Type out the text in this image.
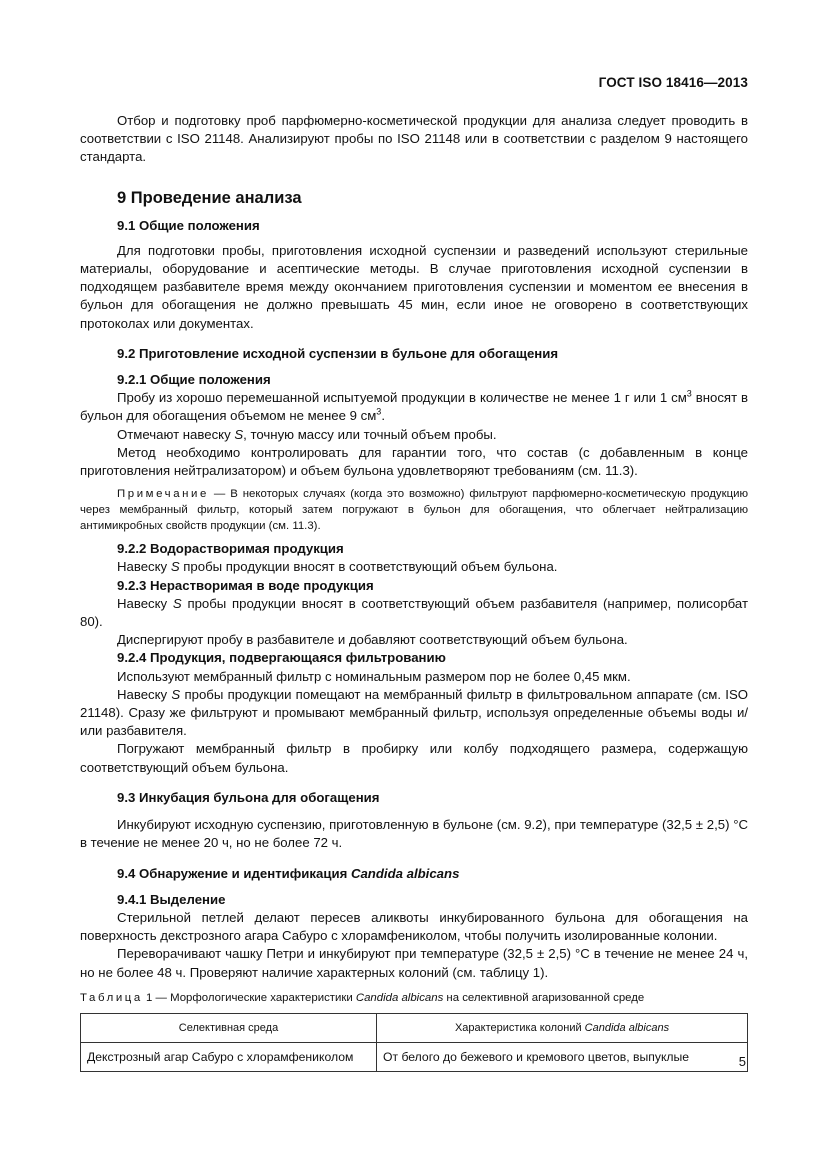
ГОСТ ISO 18416—2013

Отбор и подготовку проб парфюмерно-косметической продукции для анализа следует проводить в соответствии с ISO 21148. Анализируют пробы по ISO 21148 или в соответствии с разделом 9 настоящего стандарта.

9 Проведение анализа
9.1 Общие положения

Для подготовки пробы, приготовления исходной суспензии и разведений используют стерильные материалы, оборудование и асептические методы. В случае приготовления исходной суспензии в подходящем разбавителе время между окончанием приготовления суспензии и моментом ее внесения в бульон для обогащения не должно превышать 45 мин, если иное не оговорено в соответствующих протоколах или документах.

9.2 Приготовление исходной суспензии в бульоне для обогащения
9.2.1 Общие положения

Пробу из хорошо перемешанной испытуемой продукции в количестве не менее 1 г или 1 $см^3$ вносят в бульон для обогащения объемом не менее 9 $см^3$.

Отмечают навеску S, точную массу или точный объем пробы.

Метод необходимо контролировать для гарантии того, что состав (с добавленным в конце приготовления нейтрализатором) и объем бульона удовлетворяют требованиям (см. 11.3).

Примечание — В некоторых случаях (когда это возможно) фильтруют парфюмерно-косметическую продукцию через мембранный фильтр, который затем погружают в бульон для обогащения, что облегчает нейтрализацию антимикробных свойств продукции (см. 11.3).

9.2.2 Водорастворимая продукция

Навеску S пробы продукции вносят в соответствующий объем бульона.

9.2.3 Нерастворимая в воде продукция

Навеску S пробы продукции вносят в соответствующий объем разбавителя (например, полисорбат 80).

Диспергируют пробу в разбавителе и добавляют соответствующий объем бульона.

9.2.4 Продукция, подвергающаяся фильтрованию

Используют мембранный фильтр с номинальным размером пор не более 0,45 мкм.

Навеску S пробы продукции помещают на мембранный фильтр в фильтровальном аппарате (см. ISO 21148). Сразу же фильтруют и промывают мембранный фильтр, используя определенные объемы воды и/или разбавителя.

Погружают мембранный фильтр в пробирку или колбу подходящего размера, содержащую соответствующий объем бульона.

9.3 Инкубация бульона для обогащения

Инкубируют исходную суспензию, приготовленную в бульоне (см. 9.2), при температуре (32,5 ± 2,5) °С в течение не менее 20 ч, но не более 72 ч.

9.4 Обнаружение и идентификация Candida albicans
9.4.1 Выделение

Стерильной петлей делают пересев аликвоты инкубированного бульона для обогащения на поверхность декстрозного агара Сабуро с хлорамфениколом, чтобы получить изолированные колонии.

Переворачивают чашку Петри и инкубируют при температуре (32,5 ± 2,5) °С в течение не менее 24 ч, но не более 48 ч. Проверяют наличие характерных колоний (см. таблицу 1).

Таблица 1 — Морфологические характеристики Candida albicans на селективной агаризованной среде
Селективная среда	Характеристика колоний Candida albicans
Декстрозный агар Сабуро с хлорамфениколом	От белого до бежевого и кремового цветов, выпуклые	5
